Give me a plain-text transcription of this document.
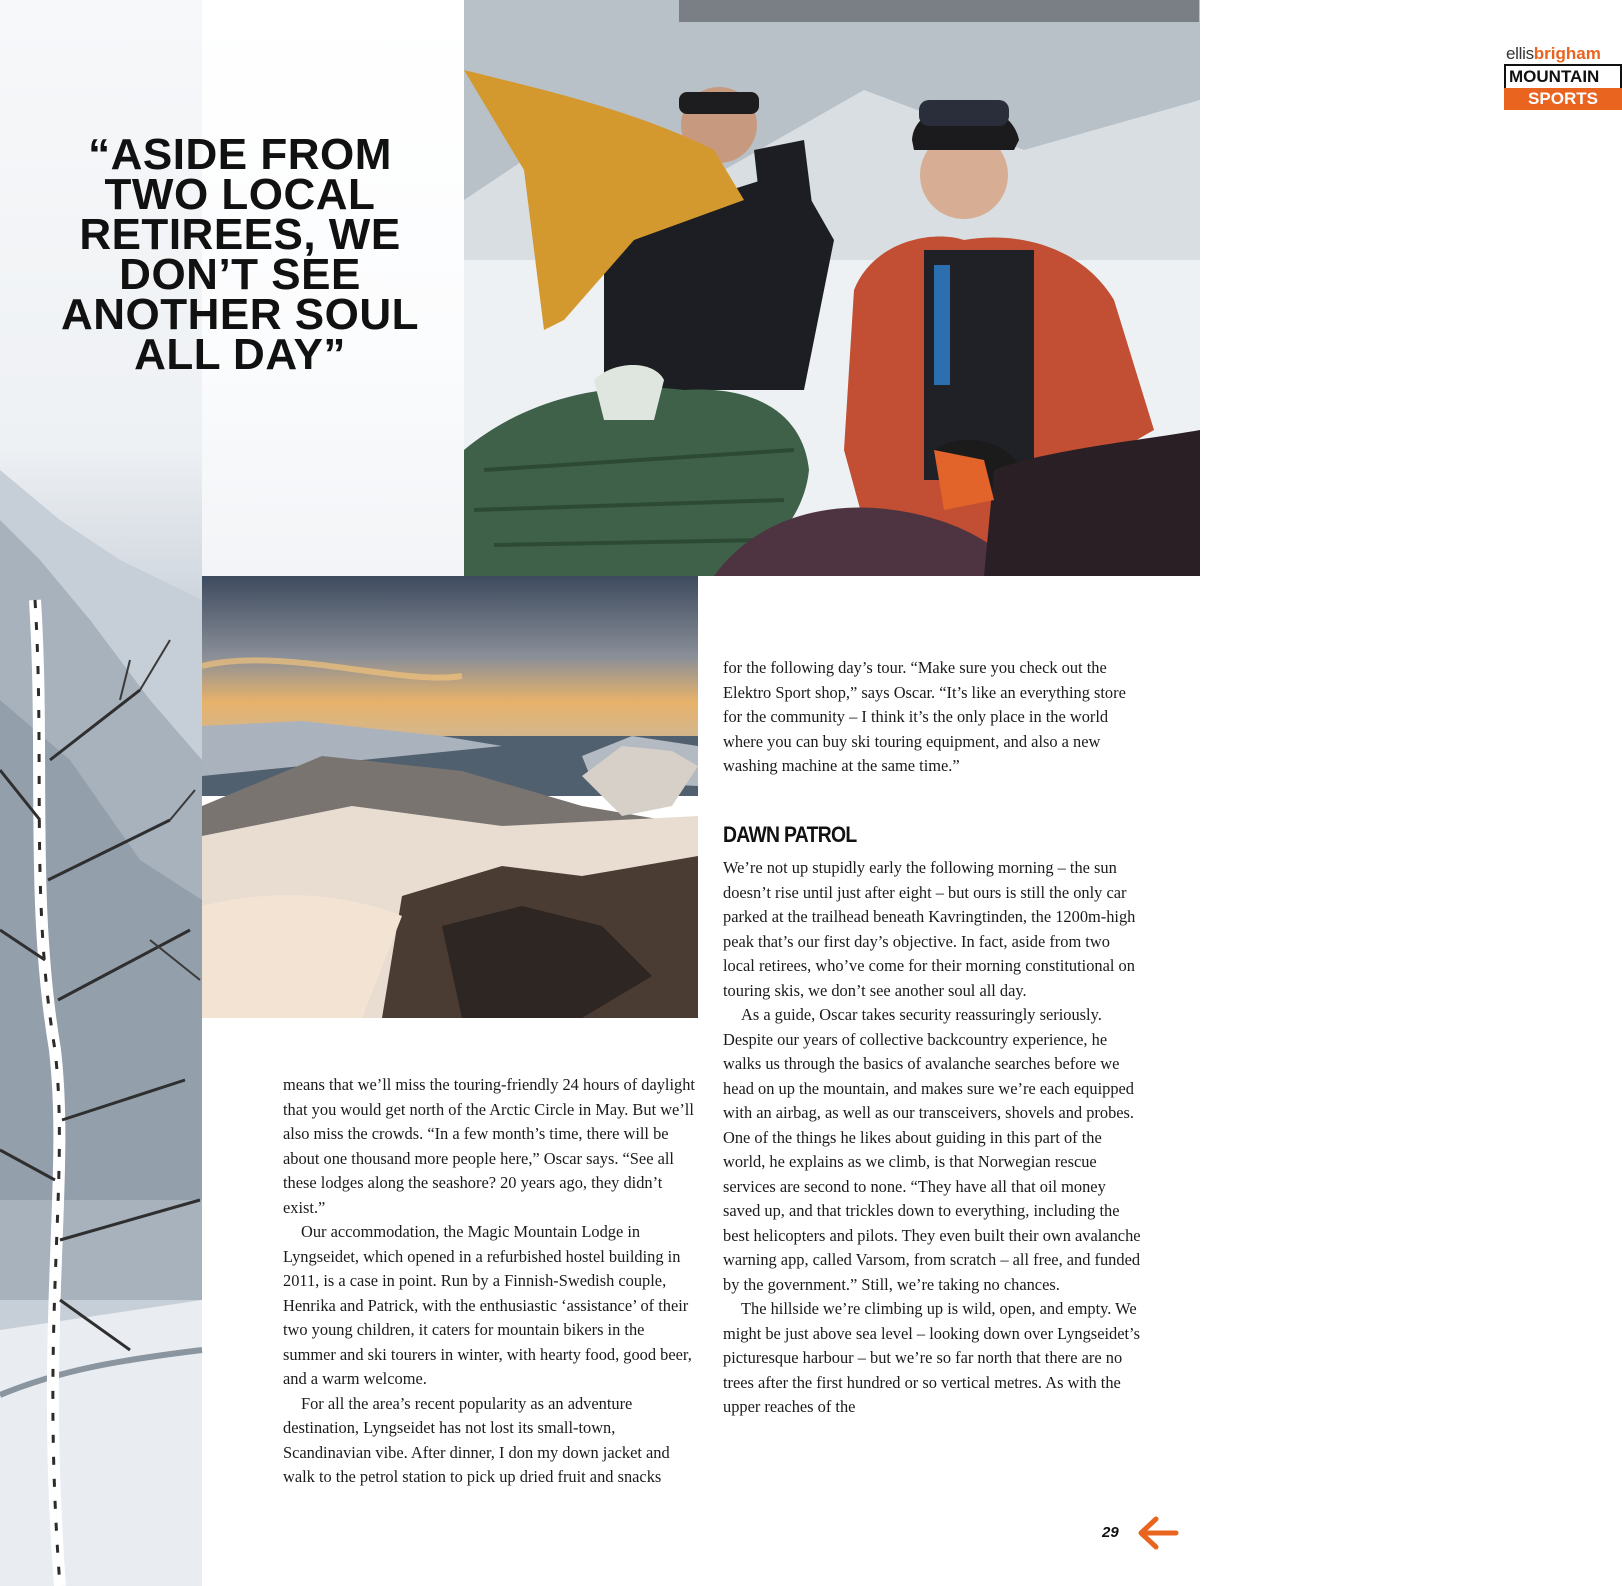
“ASIDE FROM TWO LOCAL RETIREES, WE DON’T SEE ANOTHER SOUL ALL DAY”
ellisbrigham
MOUNTAIN
SPORTS

for the following day’s tour. “Make sure you check out the Elektro Sport shop,” says Oscar. “It’s like an everything store for the community – I think it’s the only place in the world where you can buy ski touring equipment, and also a new washing machine at the same time.”

DAWN PATROL

We’re not up stupidly early the following morning – the sun doesn’t rise until just after eight – but ours is still the only car parked at the trailhead beneath Kavringtinden, the 1200m-high peak that’s our first day’s objective. In fact, aside from two local retirees, who’ve come for their morning constitutional on touring skis, we don’t see another soul all day.

As a guide, Oscar takes security reassuringly seriously. Despite our years of collective backcountry experience, he walks us through the basics of avalanche searches before we head on up the mountain, and makes sure we’re each equipped with an airbag, as well as our transceivers, shovels and probes. One of the things he likes about guiding in this part of the world, he explains as we climb, is that Norwegian rescue services are second to none. “They have all that oil money saved up, and that trickles down to everything, including the best helicopters and pilots. They even built their own avalanche warning app, called Varsom, from scratch – all free, and funded by the government.” Still, we’re taking no chances.

The hillside we’re climbing up is wild, open, and empty. We might be just above sea level – looking down over Lyngseidet’s picturesque harbour – but we’re so far north that there are no trees after the first hundred or so vertical metres. As with the upper reaches of the

means that we’ll miss the touring-friendly 24 hours of daylight that you would get north of the Arctic Circle in May. But we’ll also miss the crowds. “In a few month’s time, there will be about one thousand more people here,” Oscar says. “See all these lodges along the seashore? 20 years ago, they didn’t exist.”

Our accommodation, the Magic Mountain Lodge in Lyngseidet, which opened in a refurbished hostel building in 2011, is a case in point. Run by a Finnish-Swedish couple, Henrika and Patrick, with the enthusiastic ‘assistance’ of their two young children, it caters for mountain bikers in the summer and ski tourers in winter, with hearty food, good beer, and a warm welcome.

For all the area’s recent popularity as an adventure destination, Lyngseidet has not lost its small-town, Scandinavian vibe. After dinner, I don my down jacket and walk to the petrol station to pick up dried fruit and snacks

29
